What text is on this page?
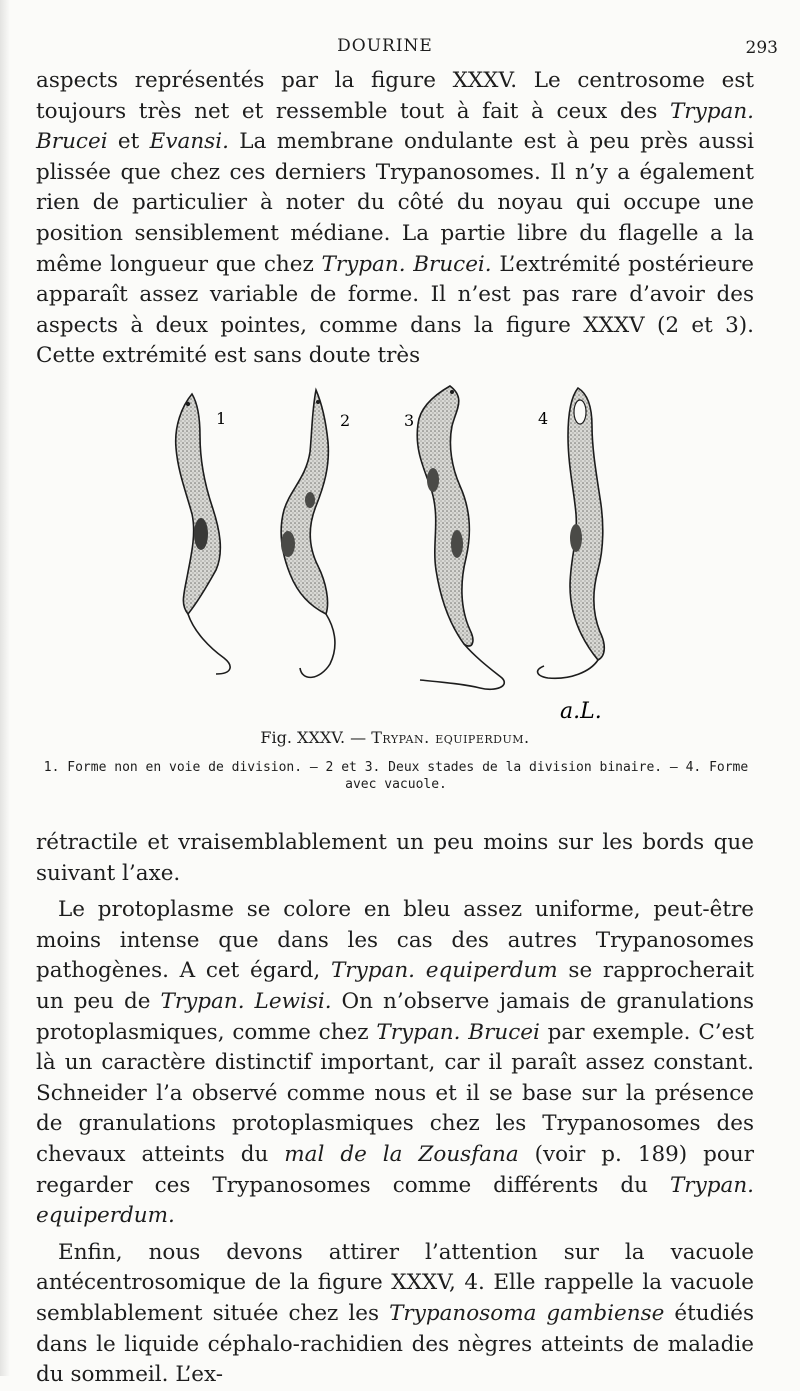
DOURINE	293

aspects représentés par la figure XXXV. Le centrosome est toujours très net et ressemble tout à fait à ceux des Trypan. Brucei et Evansi. La membrane ondulante est à peu près aussi plissée que chez ces derniers Trypanosomes. Il n’y a également rien de particulier à noter du côté du noyau qui occupe une position sensiblement médiane. La partie libre du flagelle a la même longueur que chez Trypan. Brucei. L’extrémité postérieure apparaît assez variable de forme. Il n’est pas rare d’avoir des aspects à deux pointes, comme dans la figure XXXV (2 et 3). Cette extrémité est sans doute très

1	2	3	4
a.L.
Fig. XXXV. — Trypan. equiperdum.
1. Forme non en voie de division. — 2 et 3. Deux stades de la division binaire. — 4. Forme avec vacuole.

rétractile et vraisemblablement un peu moins sur les bords que suivant l’axe.

Le protoplasme se colore en bleu assez uniforme, peut-être moins intense que dans les cas des autres Trypanosomes pathogènes. A cet égard, Trypan. equiperdum se rapprocherait un peu de Trypan. Lewisi. On n’observe jamais de granulations protoplasmiques, comme chez Trypan. Brucei par exemple. C’est là un caractère distinctif important, car il paraît assez constant. Schneider l’a observé comme nous et il se base sur la présence de granulations protoplasmiques chez les Trypanosomes des chevaux atteints du mal de la Zousfana (voir p. 189) pour regarder ces Trypanosomes comme différents du Trypan. equiperdum.

Enfin, nous devons attirer l’attention sur la vacuole antécentrosomique de la figure XXXV, 4. Elle rappelle la vacuole semblablement située chez les Trypanosoma gambiense étudiés dans le liquide céphalo-rachidien des nègres atteints de maladie du sommeil. L’ex-
